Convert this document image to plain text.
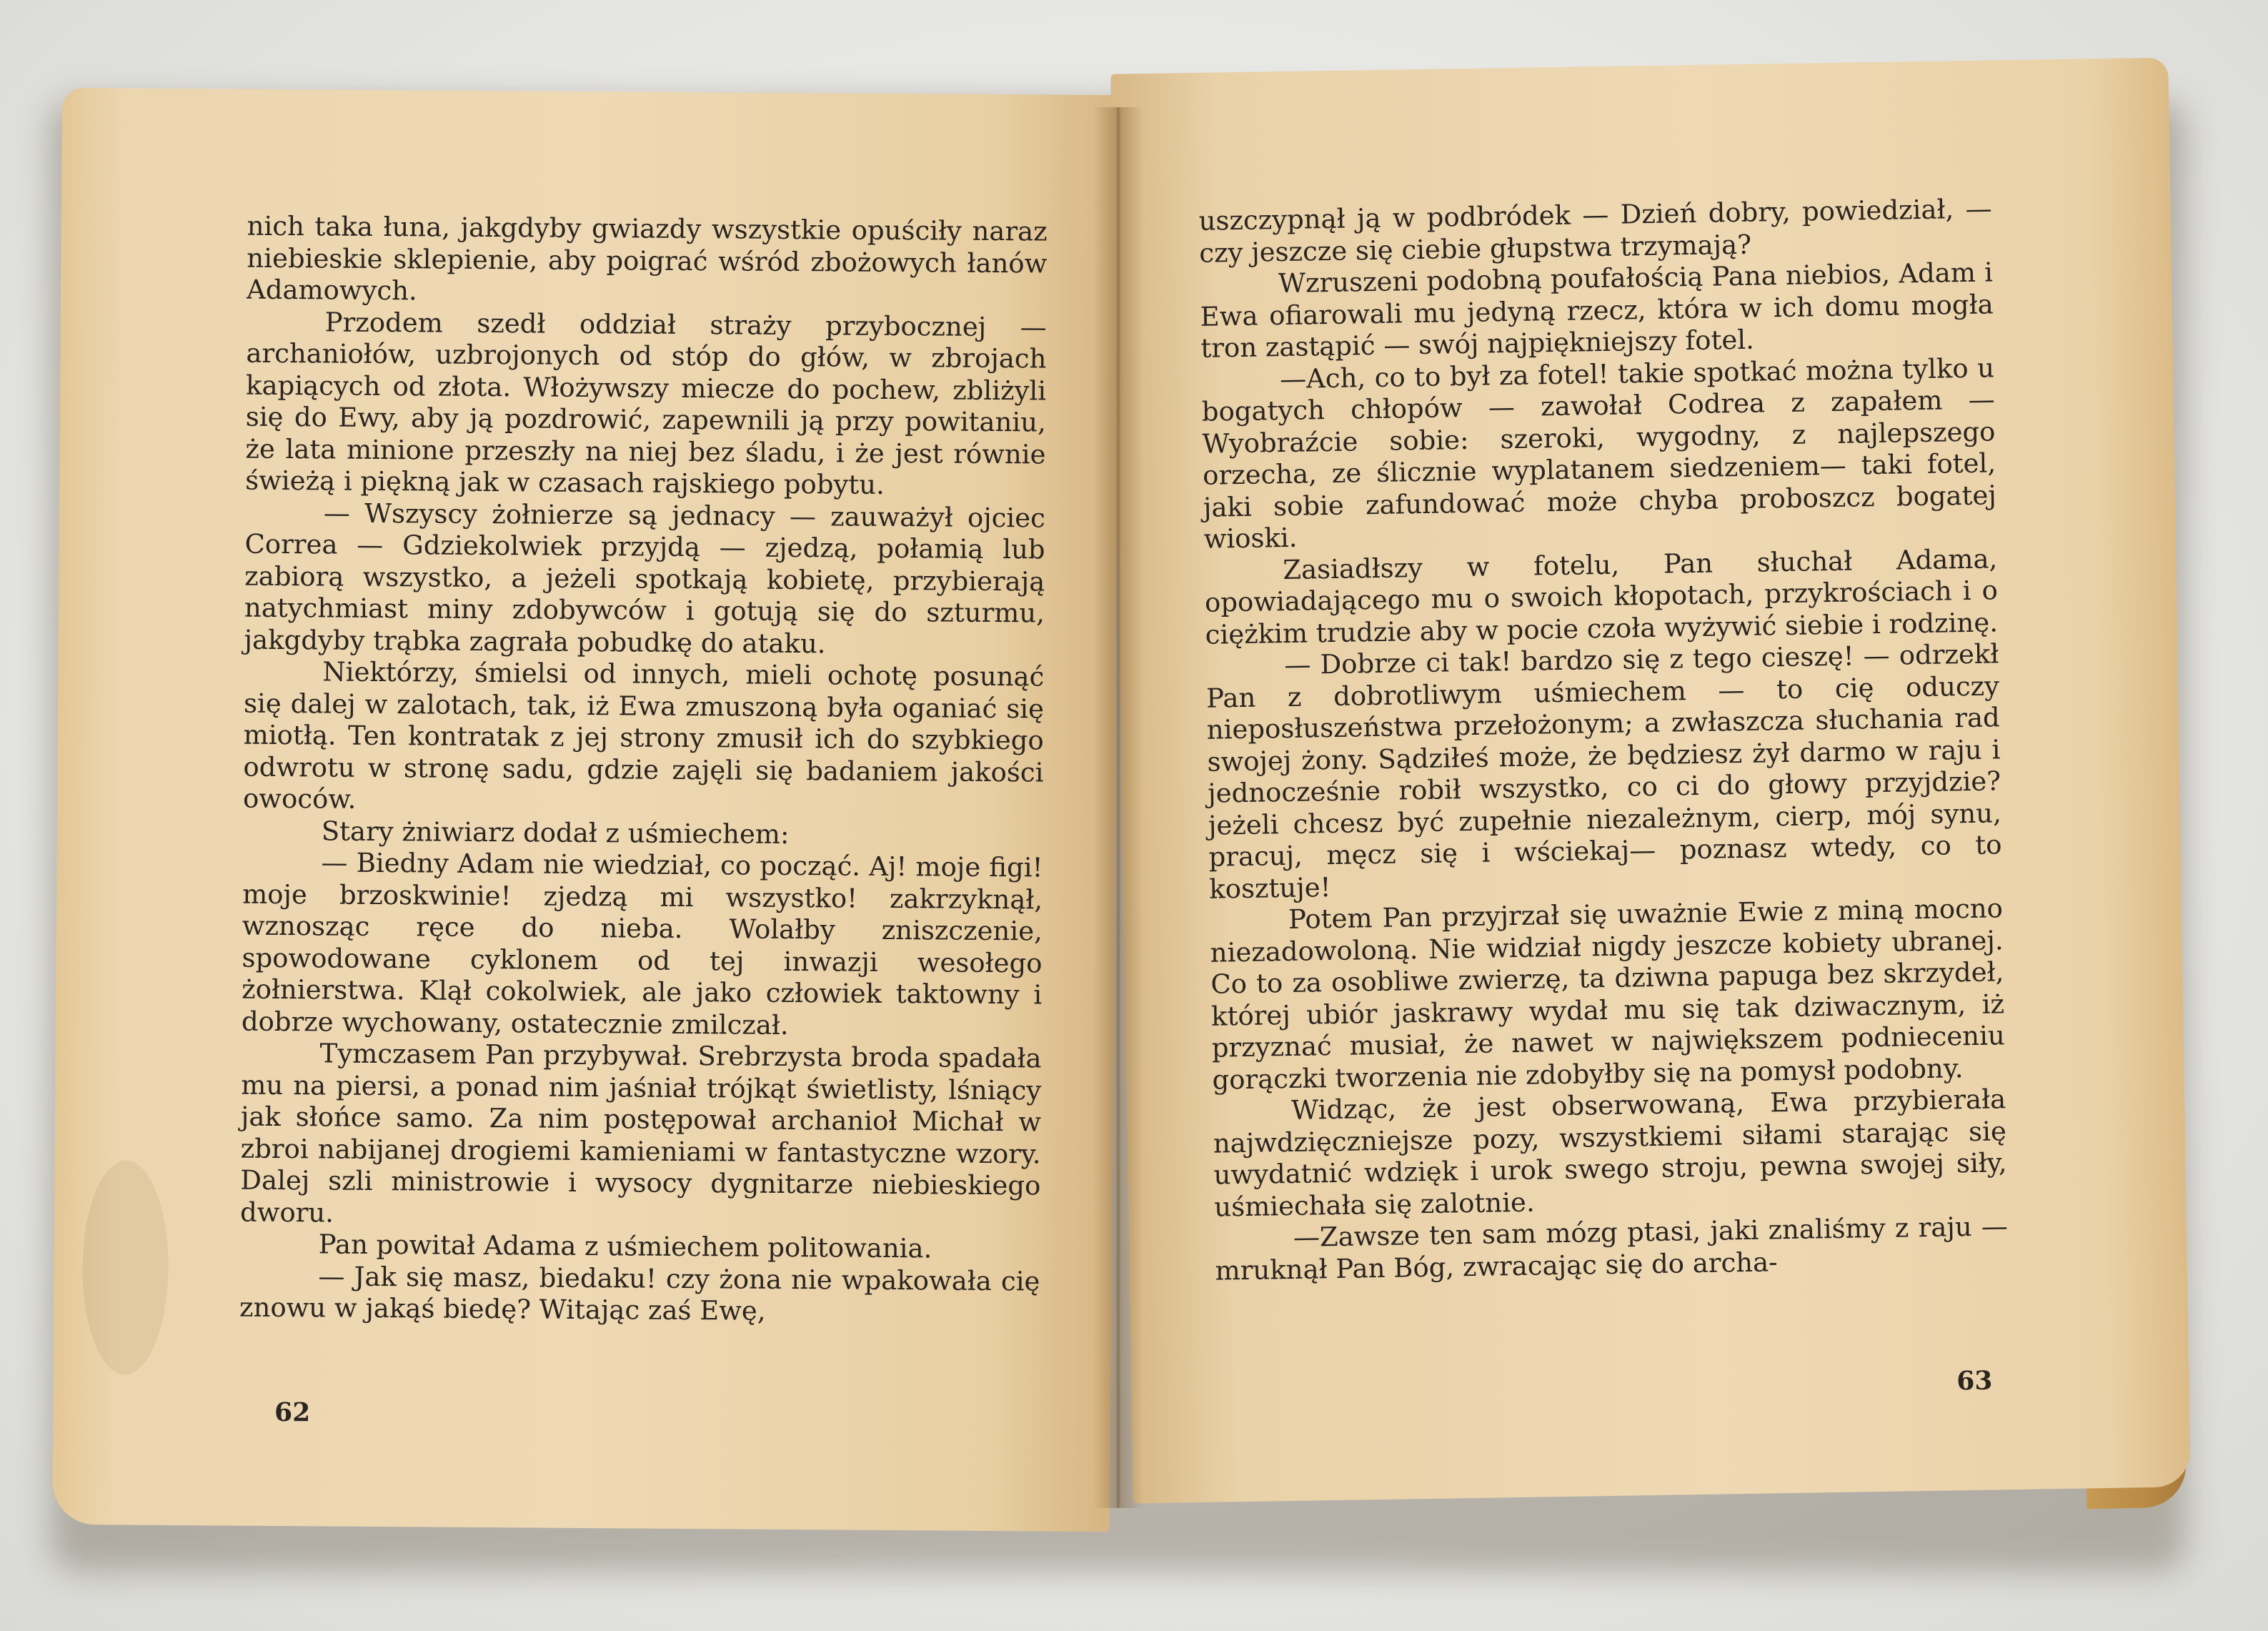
nich taka łuna, jakgdyby gwiazdy wszystkie opuściły naraz niebieskie sklepienie, aby poigrać wśród zbożowych łanów Adamowych.

Przodem szedł oddział straży przybocznej — archaniołów, uzbrojonych od stóp do głów, w zbrojach kapiących od złota. Włożywszy miecze do pochew, zbliżyli się do Ewy, aby ją pozdrowić, zapewnili ją przy powitaniu, że lata minione przeszły na niej bez śladu, i że jest równie świeżą i piękną jak w czasach rajskiego pobytu.

— Wszyscy żołnierze są jednacy — zauważył ojciec Correa — Gdziekolwiek przyjdą — zjedzą, połamią lub zabiorą wszystko, a jeżeli spotkają kobietę, przybierają natychmiast miny zdobywców i gotują się do szturmu, jakgdyby trąbka zagrała pobudkę do ataku.

Niektórzy, śmielsi od innych, mieli ochotę posunąć się dalej w zalotach, tak, iż Ewa zmuszoną była oganiać się miotłą. Ten kontratak z jej strony zmusił ich do szybkiego odwrotu w stronę sadu, gdzie zajęli się badaniem jakości owoców.

Stary żniwiarz dodał z uśmiechem:

— Biedny Adam nie wiedział, co począć. Aj! moje figi! moje brzoskwinie! zjedzą mi wszystko! zakrzyknął, wznosząc ręce do nieba. Wolałby zniszczenie, spowodowane cyklonem od tej inwazji wesołego żołnierstwa. Klął cokolwiek, ale jako człowiek taktowny i dobrze wychowany, ostatecznie zmilczał.

Tymczasem Pan przybywał. Srebrzysta broda spadała mu na piersi, a ponad nim jaśniał trójkąt świetlisty, lśniący jak słońce samo. Za nim postępował archanioł Michał w zbroi nabijanej drogiemi kamieniami w fantastyczne wzory. Dalej szli ministrowie i wysocy dygnitarze niebieskiego dworu.

Pan powitał Adama z uśmiechem politowania.

— Jak się masz, biedaku! czy żona nie wpakowała cię znowu w jakąś biedę? Witając zaś Ewę,

62

uszczypnął ją w podbródek — Dzień dobry, powiedział, — czy jeszcze się ciebie głupstwa trzymają?

Wzruszeni podobną poufałością Pana niebios, Adam i Ewa ofiarowali mu jedyną rzecz, która w ich domu mogła tron zastąpić — swój najpiękniejszy fotel.

—Ach, co to był za fotel! takie spotkać można tylko u bogatych chłopów — zawołał Codrea z zapałem — Wyobraźcie sobie: szeroki, wygodny, z najlepszego orzecha, ze ślicznie wyplatanem siedzeniem— taki fotel, jaki sobie zafundować może chyba proboszcz bogatej wioski.

Zasiadłszy w fotelu, Pan słuchał Adama, opowiadającego mu o swoich kłopotach, przykrościach i o ciężkim trudzie aby w pocie czoła wyżywić siebie i rodzinę.

— Dobrze ci tak! bardzo się z tego cieszę! — odrzekł Pan z dobrotliwym uśmiechem — to cię oduczy nieposłuszeństwa przełożonym; a zwłaszcza słuchania rad swojej żony. Sądziłeś może, że będziesz żył darmo w raju i jednocześnie robił wszystko, co ci do głowy przyjdzie? jeżeli chcesz być zupełnie niezależnym, cierp, mój synu, pracuj, męcz się i wściekaj— poznasz wtedy, co to kosztuje!

Potem Pan przyjrzał się uważnie Ewie z miną mocno niezadowoloną. Nie widział nigdy jeszcze kobiety ubranej. Co to za osobliwe zwierzę, ta dziwna papuga bez skrzydeł, której ubiór jaskrawy wydał mu się tak dziwacznym, iż przyznać musiał, że nawet w największem podnieceniu gorączki tworzenia nie zdobyłby się na pomysł podobny.

Widząc, że jest obserwowaną, Ewa przybierała najwdzięczniejsze pozy, wszystkiemi siłami starając się uwydatnić wdzięk i urok swego stroju, pewna swojej siły, uśmiechała się zalotnie.

—Zawsze ten sam mózg ptasi, jaki znaliśmy z raju — mruknął Pan Bóg, zwracając się do archa-

63
